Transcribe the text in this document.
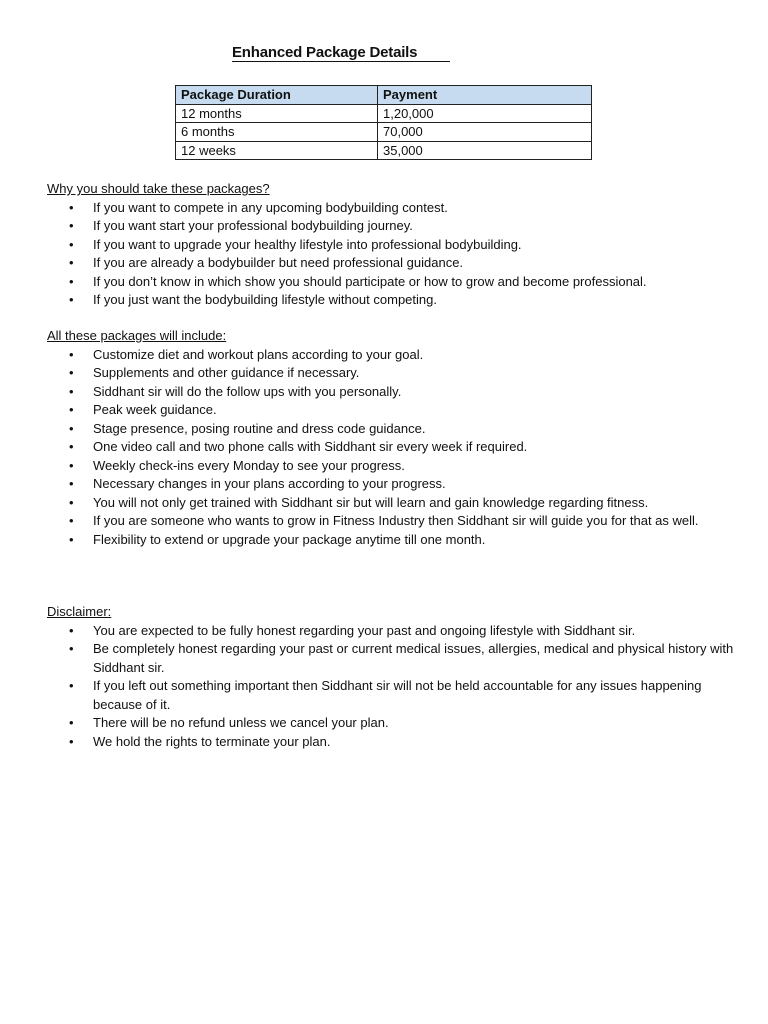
Enhanced Package Details
Package Duration	Payment
12 months	1,20,000
6 months	70,000
12 weeks	35,000
Why you should take these packages?
• If you want to compete in any upcoming bodybuilding contest.
• If you want start your professional bodybuilding journey.
• If you want to upgrade your healthy lifestyle into professional bodybuilding.
• If you are already a bodybuilder but need professional guidance.
• If you don’t know in which show you should participate or how to grow and become professional.
• If you just want the bodybuilding lifestyle without competing.
All these packages will include:
• Customize diet and workout plans according to your goal.
• Supplements and other guidance if necessary.
• Siddhant sir will do the follow ups with you personally.
• Peak week guidance.
• Stage presence, posing routine and dress code guidance.
• One video call and two phone calls with Siddhant sir every week if required.
• Weekly check-ins every Monday to see your progress.
• Necessary changes in your plans according to your progress.
• You will not only get trained with Siddhant sir but will learn and gain knowledge regarding fitness.
• If you are someone who wants to grow in Fitness Industry then Siddhant sir will guide you for that as well.
• Flexibility to extend or upgrade your package anytime till one month.
Disclaimer:
• You are expected to be fully honest regarding your past and ongoing lifestyle with Siddhant sir.
• Be completely honest regarding your past or current medical issues, allergies, medical and physical history with Siddhant sir.
• If you left out something important then Siddhant sir will not be held accountable for any issues happening because of it.
• There will be no refund unless we cancel your plan.
• We hold the rights to terminate your plan.
